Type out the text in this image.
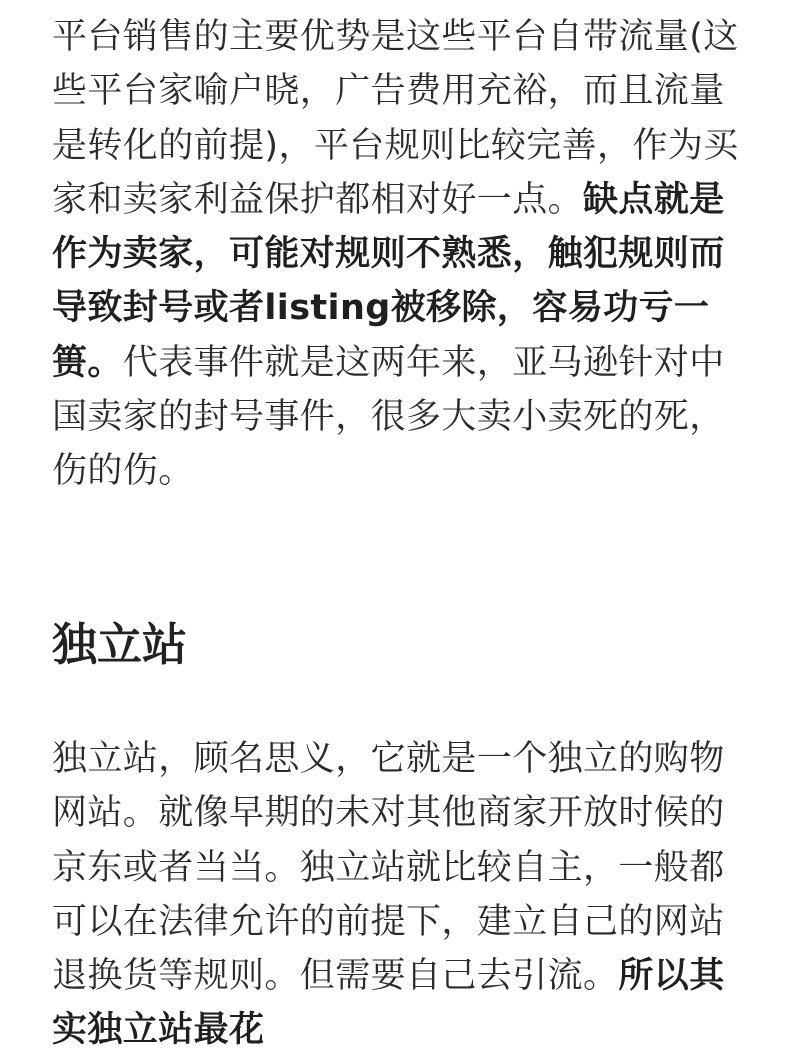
平台销售的主要优势是这些平台自带流量(这些平台家喻户晓，广告费用充裕，而且流量是转化的前提)，平台规则比较完善，作为买家和卖家利益保护都相对好一点。缺点就是作为卖家，可能对规则不熟悉，触犯规则而导致封号或者listing被移除，容易功亏一篑。代表事件就是这两年来，亚马逊针对中国卖家的封号事件，很多大卖小卖死的死，伤的伤。

独立站

独立站，顾名思义，它就是一个独立的购物网站。就像早期的未对其他商家开放时候的京东或者当当。独立站就比较自主，一般都可以在法律允许的前提下，建立自己的网站退换货等规则。但需要自己去引流。所以其实独立站最花
